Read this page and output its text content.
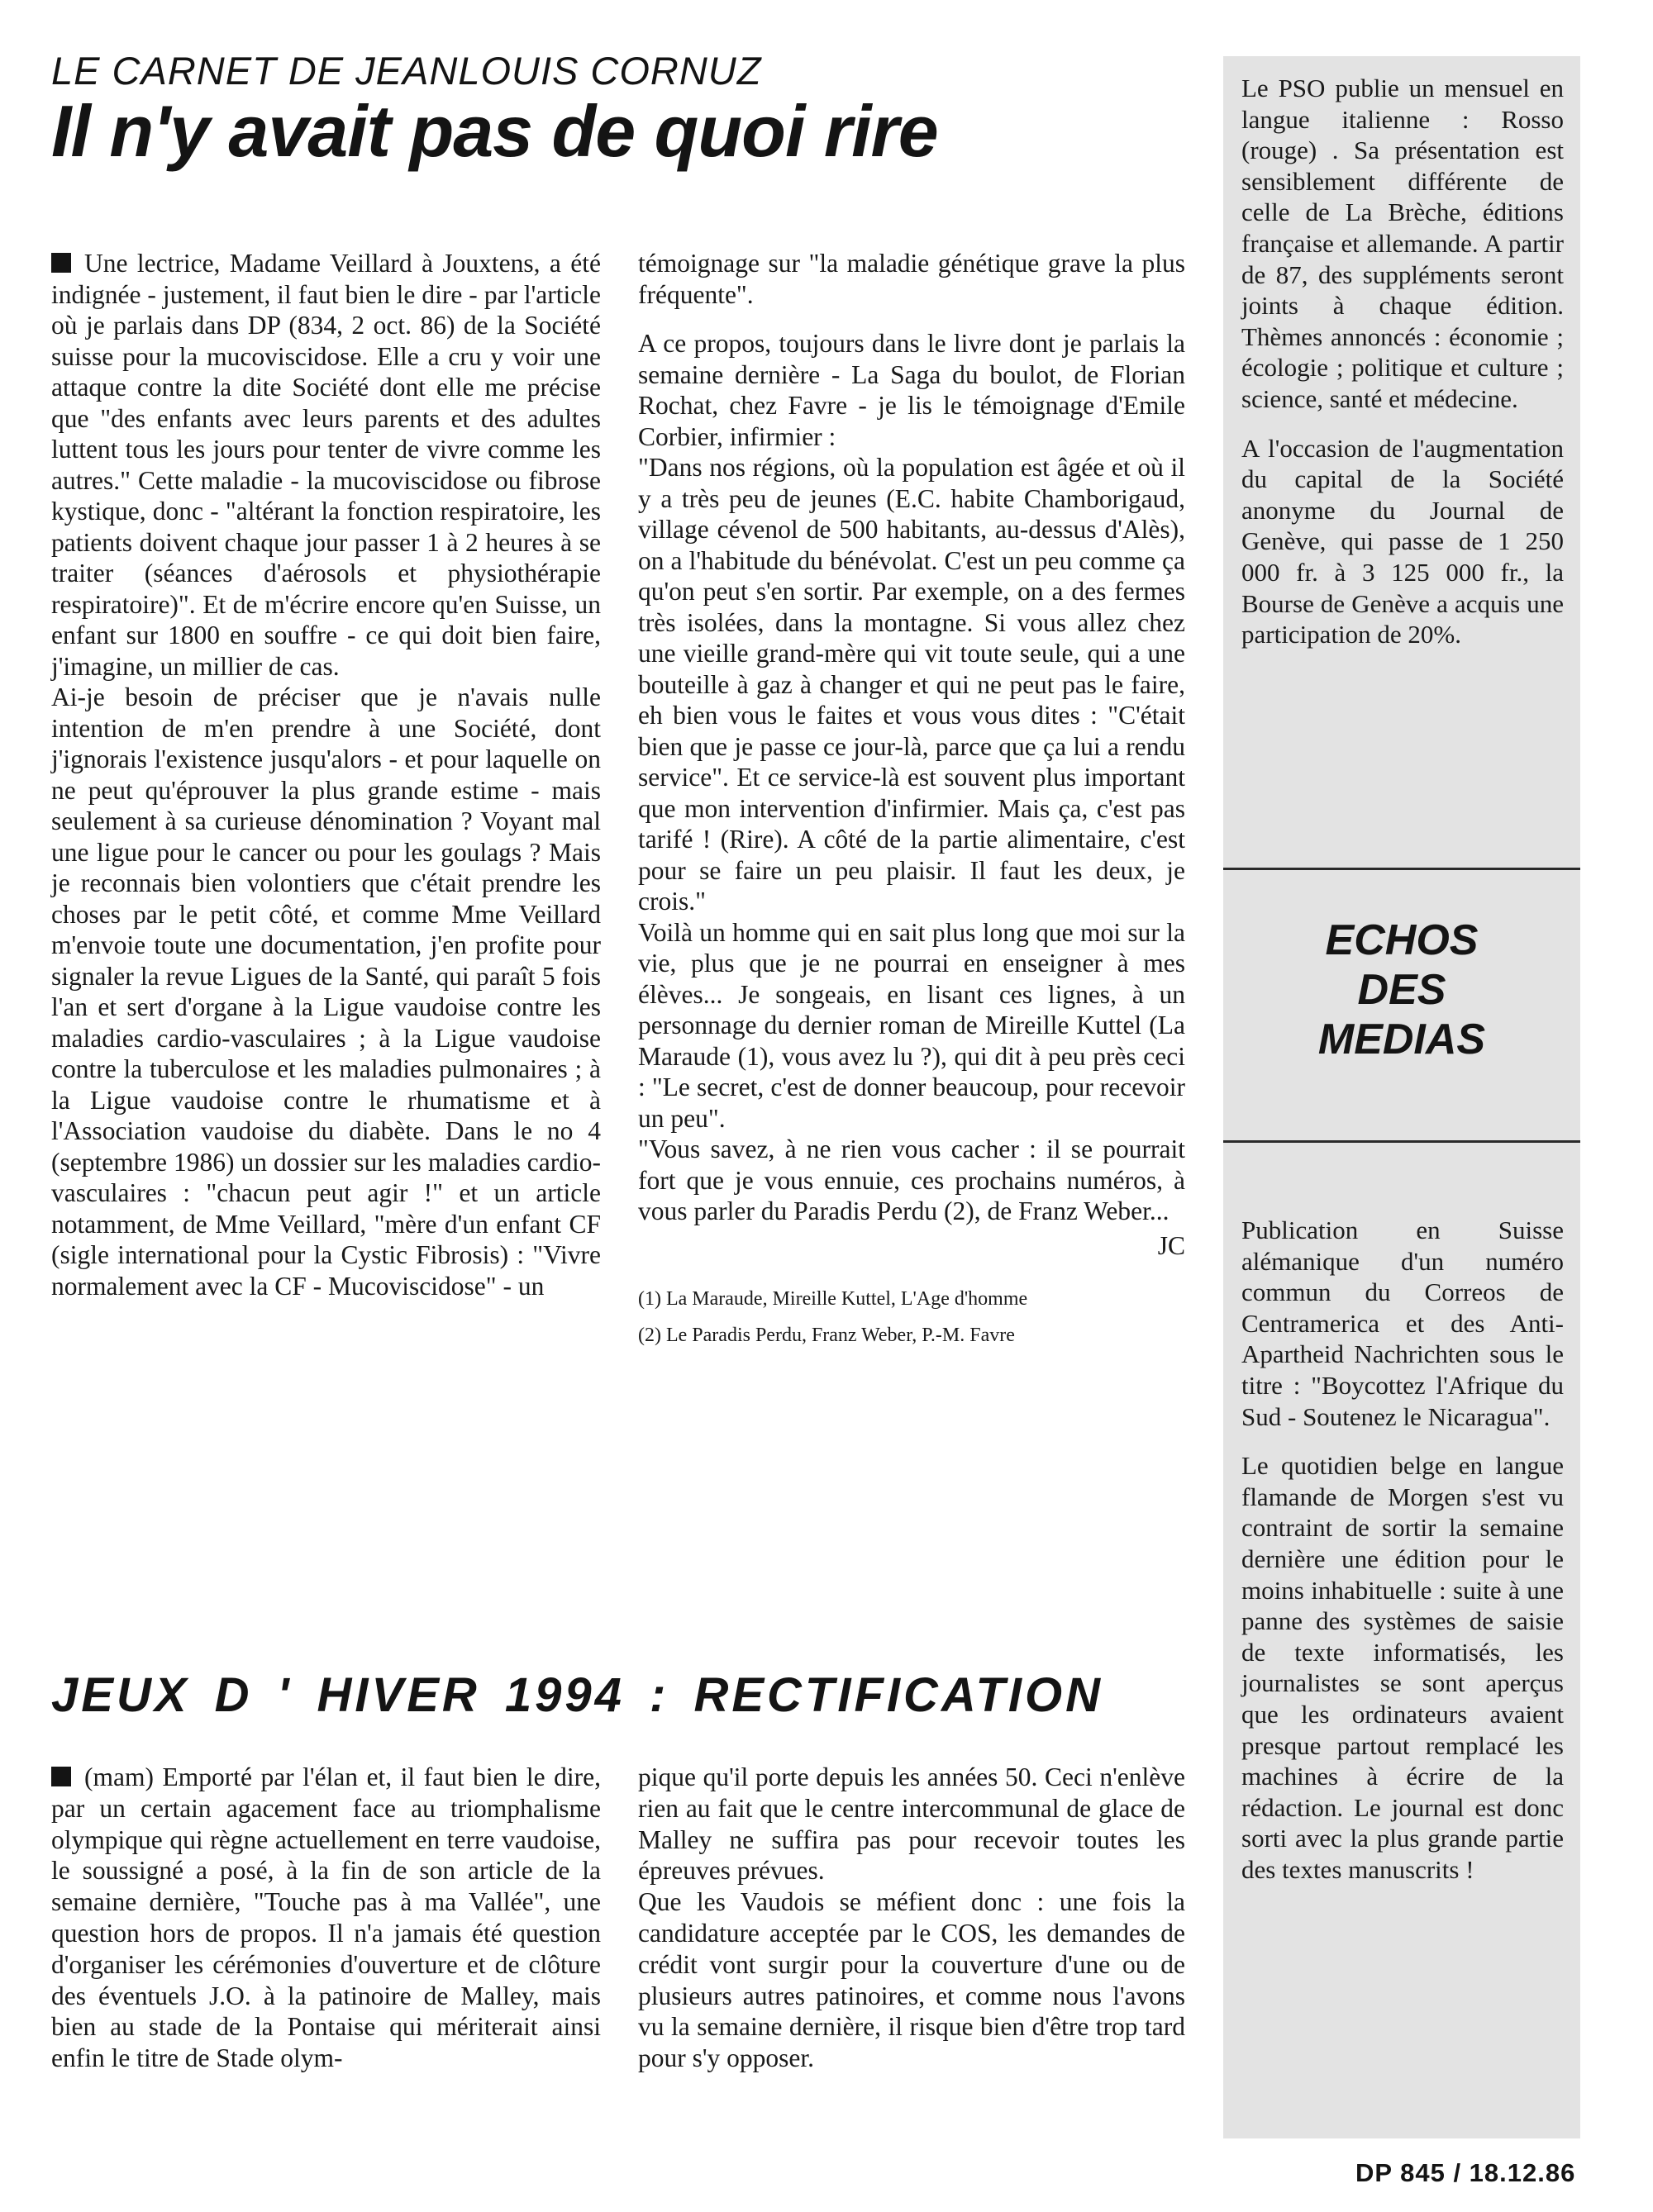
LE CARNET DE JEANLOUIS CORNUZ
Il n'y avait pas de quoi rire

Une lectrice, Madame Veillard à Jouxtens, a été indignée - justement, il faut bien le dire - par l'article où je parlais dans DP (834, 2 oct. 86) de la Société suisse pour la mucoviscidose. Elle a cru y voir une attaque contre la dite Société dont elle me précise que "des enfants avec leurs parents et des adultes luttent tous les jours pour tenter de vivre comme les autres." Cette maladie - la mucoviscidose ou fibrose kystique, donc - "altérant la fonction respiratoire, les patients doivent chaque jour passer 1 à 2 heures à se traiter (séances d'aérosols et physiothérapie respiratoire)". Et de m'écrire encore qu'en Suisse, un enfant sur 1800 en souffre - ce qui doit bien faire, j'imagine, un millier de cas.

Ai-je besoin de préciser que je n'avais nulle intention de m'en prendre à une Société, dont j'ignorais l'existence jusqu'alors - et pour laquelle on ne peut qu'éprouver la plus grande estime - mais seulement à sa curieuse dénomination ? Voyant mal une ligue pour le cancer ou pour les goulags ? Mais je reconnais bien volontiers que c'était prendre les choses par le petit côté, et comme Mme Veillard m'envoie toute une documentation, j'en profite pour signaler la revue Ligues de la Santé, qui paraît 5 fois l'an et sert d'organe à la Ligue vaudoise contre les maladies cardio-vasculaires ; à la Ligue vaudoise contre la tuberculose et les maladies pulmonaires ; à la Ligue vaudoise contre le rhumatisme et à l'Association vaudoise du diabète. Dans le no 4 (septembre 1986) un dossier sur les maladies cardio-vasculaires : "chacun peut agir !" et un article notamment, de Mme Veillard, "mère d'un enfant CF (sigle international pour la Cystic Fibrosis) : "Vivre normalement avec la CF - Mucoviscidose" - un

témoignage sur "la maladie génétique grave la plus fréquente".

A ce propos, toujours dans le livre dont je parlais la semaine dernière - La Saga du boulot, de Florian Rochat, chez Favre - je lis le témoignage d'Emile Corbier, infirmier :

"Dans nos régions, où la population est âgée et où il y a très peu de jeunes (E.C. habite Chamborigaud, village cévenol de 500 habitants, au-dessus d'Alès), on a l'habitude du bénévolat. C'est un peu comme ça qu'on peut s'en sortir. Par exemple, on a des fermes très isolées, dans la montagne. Si vous allez chez une vieille grand-mère qui vit toute seule, qui a une bouteille à gaz à changer et qui ne peut pas le faire, eh bien vous le faites et vous vous dites : "C'était bien que je passe ce jour-là, parce que ça lui a rendu service". Et ce service-là est souvent plus important que mon intervention d'infirmier. Mais ça, c'est pas tarifé ! (Rire). A côté de la partie alimentaire, c'est pour se faire un peu plaisir. Il faut les deux, je crois."

Voilà un homme qui en sait plus long que moi sur la vie, plus que je ne pourrai en enseigner à mes élèves... Je songeais, en lisant ces lignes, à un personnage du dernier roman de Mireille Kuttel (La Maraude (1), vous avez lu ?), qui dit à peu près ceci : "Le secret, c'est de donner beaucoup, pour recevoir un peu".

"Vous savez, à ne rien vous cacher : il se pourrait fort que je vous ennuie, ces prochains numéros, à vous parler du Paradis Perdu (2), de Franz Weber...

JC

(1) La Maraude, Mireille Kuttel, L'Age d'homme
(2) Le Paradis Perdu, Franz Weber, P.-M. Favre
JEUX D ' HIVER 1994 : RECTIFICATION

(mam) Emporté par l'élan et, il faut bien le dire, par un certain agacement face au triomphalisme olympique qui règne actuellement en terre vaudoise, le soussigné a posé, à la fin de son article de la semaine dernière, "Touche pas à ma Vallée", une question hors de propos. Il n'a jamais été question d'organiser les cérémonies d'ouverture et de clôture des éventuels J.O. à la patinoire de Malley, mais bien au stade de la Pontaise qui mériterait ainsi enfin le titre de Stade olym-

pique qu'il porte depuis les années 50. Ceci n'enlève rien au fait que le centre intercommunal de glace de Malley ne suffira pas pour recevoir toutes les épreuves prévues.

Que les Vaudois se méfient donc : une fois la candidature acceptée par le COS, les demandes de crédit vont surgir pour la couverture d'une ou de plusieurs autres patinoires, et comme nous l'avons vu la semaine dernière, il risque bien d'être trop tard pour s'y opposer.

Le PSO publie un mensuel en langue italienne : Rosso (rouge) . Sa présentation est sensiblement différente de celle de La Brèche, éditions française et allemande. A partir de 87, des suppléments seront joints à chaque édition. Thèmes annoncés : économie ; écologie ; politique et culture ; science, santé et médecine.

A l'occasion de l'augmentation du capital de la Société anonyme du Journal de Genève, qui passe de 1 250 000 fr. à 3 125 000 fr., la Bourse de Genève a acquis une participation de 20%.

ECHOS
DES
MEDIAS

Publication en Suisse alémanique d'un numéro commun du Correos de Centramerica et des Anti-Apartheid Nachrichten sous le titre : "Boycottez l'Afrique du Sud - Soutenez le Nicaragua".

Le quotidien belge en langue flamande de Morgen s'est vu contraint de sortir la semaine dernière une édition pour le moins inhabituelle : suite à une panne des systèmes de saisie de texte informatisés, les journalistes se sont aperçus que les ordinateurs avaient presque partout remplacé les machines à écrire de la rédaction. Le journal est donc sorti avec la plus grande partie des textes manuscrits !

DP 845 / 18.12.86
